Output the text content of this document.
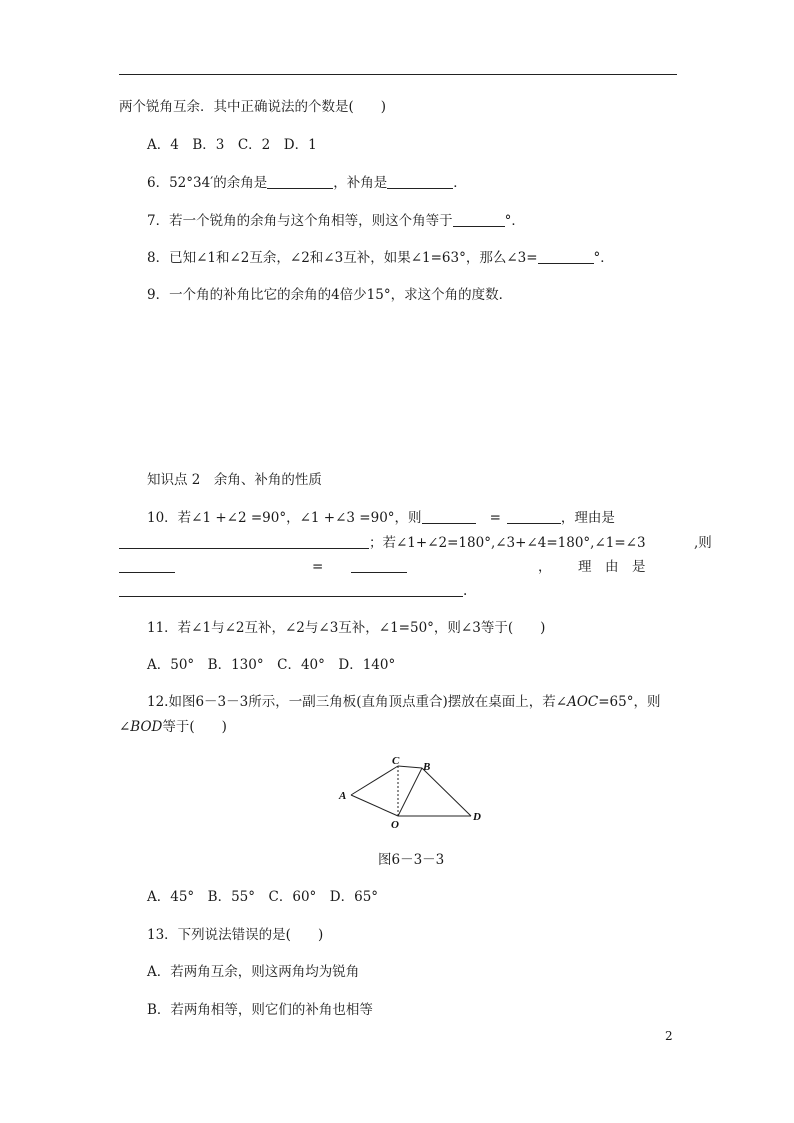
两个锐角互余．其中正确说法的个数是(　　)
A．4　B．3　C．2　D．1
6．52°34′的余角是	，补角是	．
7．若一个锐角的余角与这个角相等，则这个角等于	°．
8．已知∠1和∠2互余，∠2和∠3互补，如果∠1=63°，那么∠3=	°．
9．一个角的补角比它的余角的4倍少15°，求这个角的度数．
知识点 2　余角、补角的性质
10．若∠1 +∠2 =90°，∠1 +∠3 =90°，则	=	，理由是
；若∠1+∠2=180°,∠3+∠4=180°,∠1=∠3	,则
=	， 理　由　是
.
11．若∠1与∠2互补，∠2与∠3互补，∠1=50°，则∠3等于(　　)
A．50°　B．130°　C．40°　D．140°
12.如图6－3－3所示，一副三角板(直角顶点重合)摆放在桌面上，若∠AOC=65°，则
∠BOD等于(　　)
A
C B
O
D
图6－3－3
A．45°　B．55°　C．60°　D．65°
13．下列说法错误的是(　　)
A．若两角互余，则这两角均为锐角
B．若两角相等，则它们的补角也相等
2
